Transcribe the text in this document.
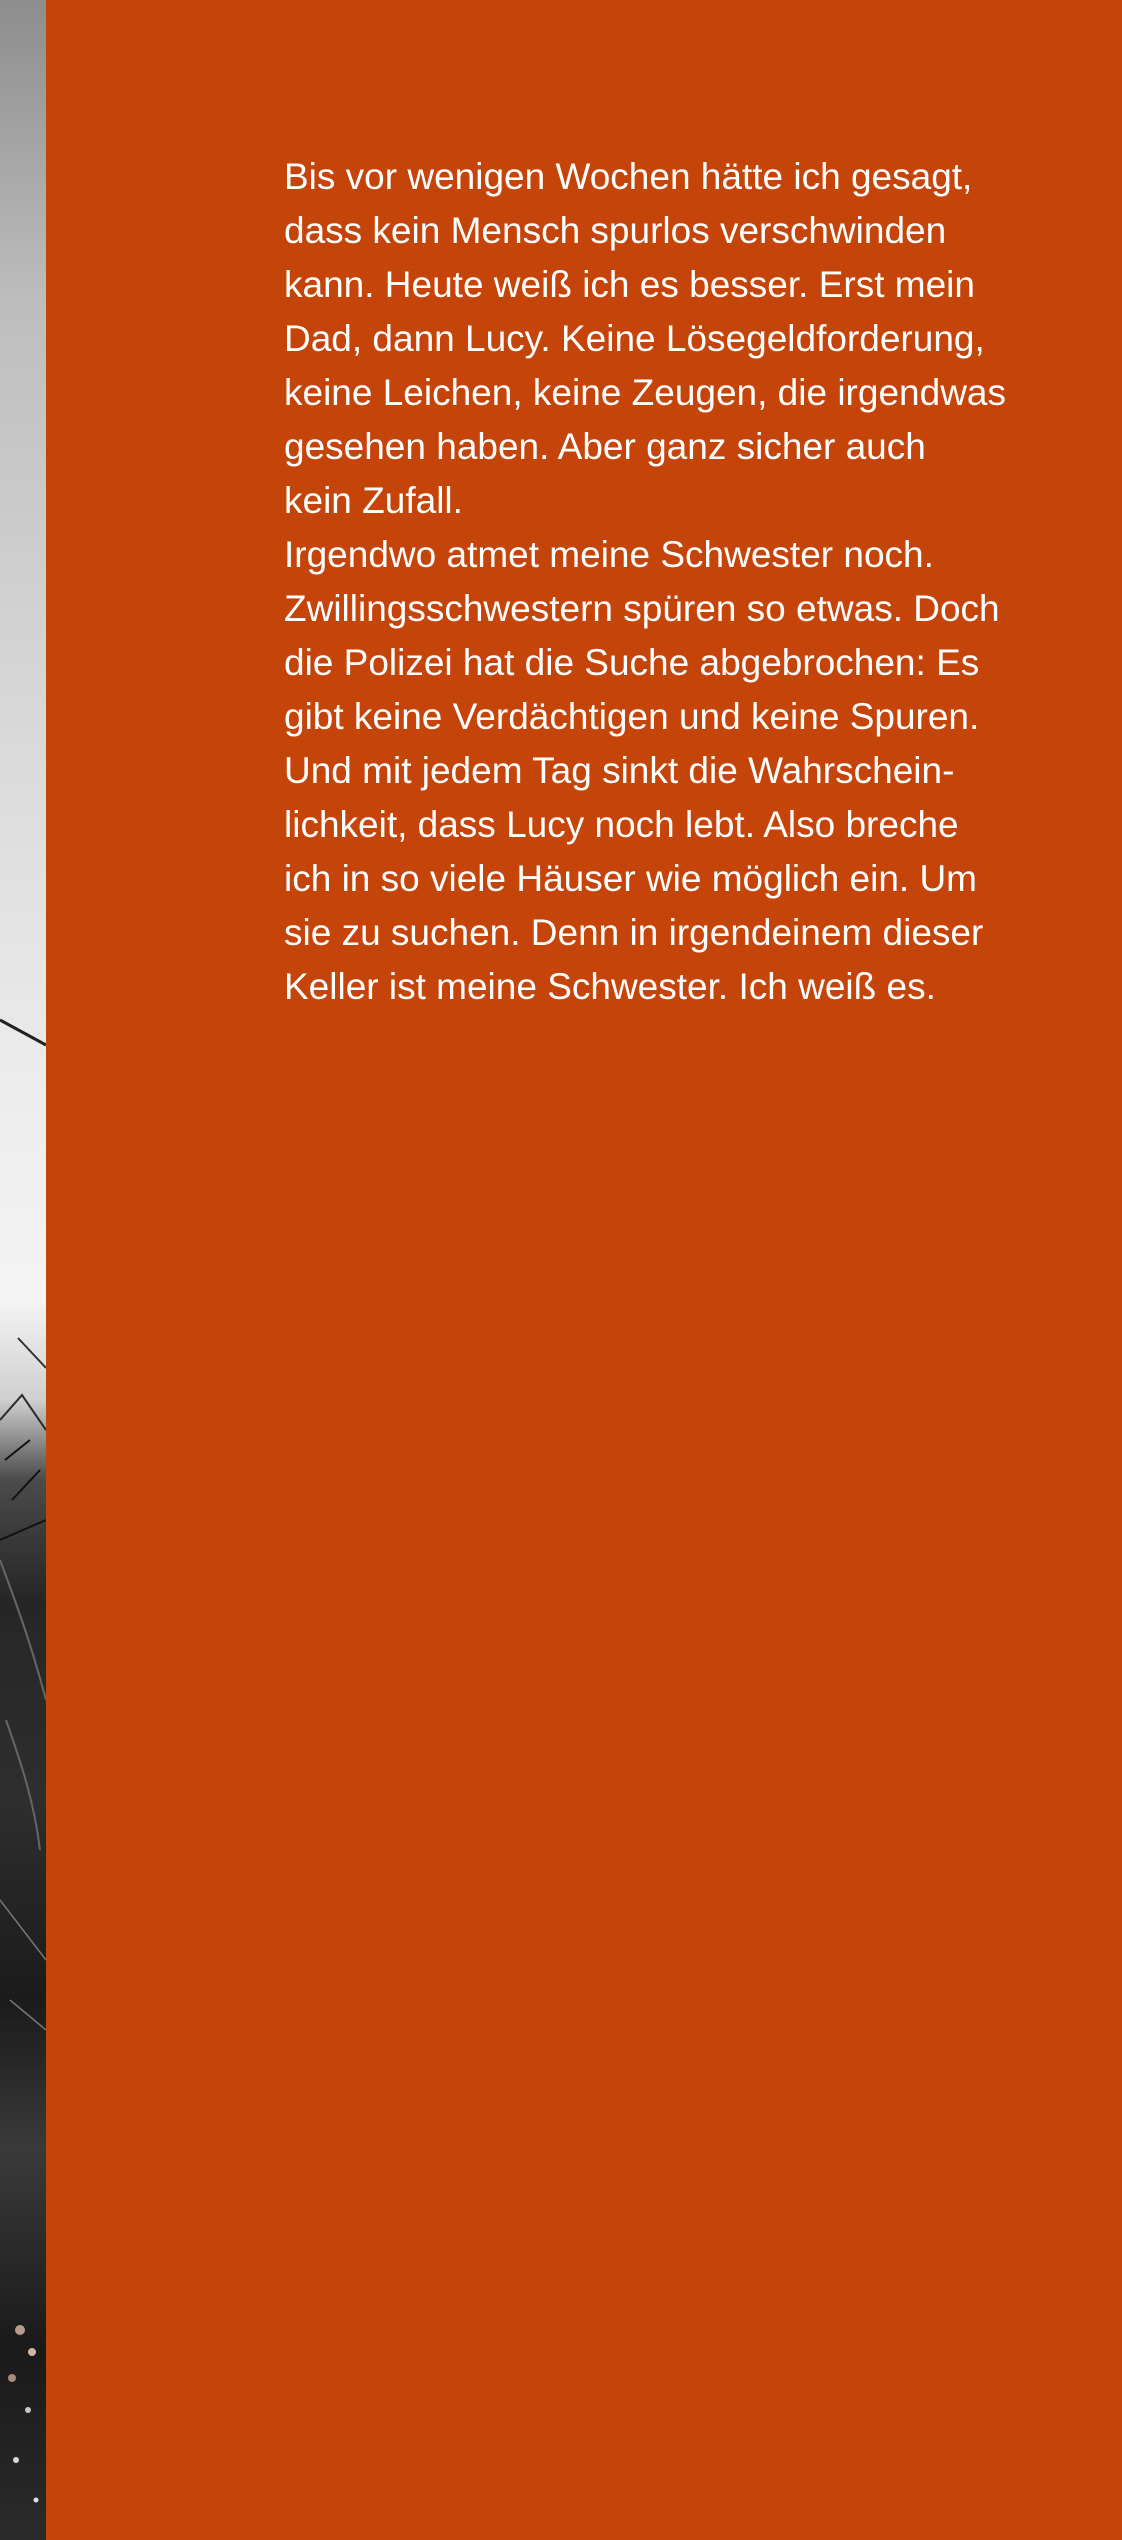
Bis vor wenigen Wochen hätte ich gesagt,
dass kein Mensch spurlos verschwinden
kann. Heute weiß ich es besser. Erst mein
Dad, dann Lucy. Keine Lösegeldforderung,
keine Leichen, keine Zeugen, die irgendwas
gesehen haben. Aber ganz sicher auch
kein Zufall.
Irgendwo atmet meine Schwester noch.
Zwillingsschwestern spüren so etwas. Doch
die Polizei hat die Suche abgebrochen: Es
gibt keine Verdächtigen und keine Spuren.
Und mit jedem Tag sinkt die Wahrschein-
lichkeit, dass Lucy noch lebt. Also breche
ich in so viele Häuser wie möglich ein. Um
sie zu suchen. Denn in irgendeinem dieser
Keller ist meine Schwester. Ich weiß es.
